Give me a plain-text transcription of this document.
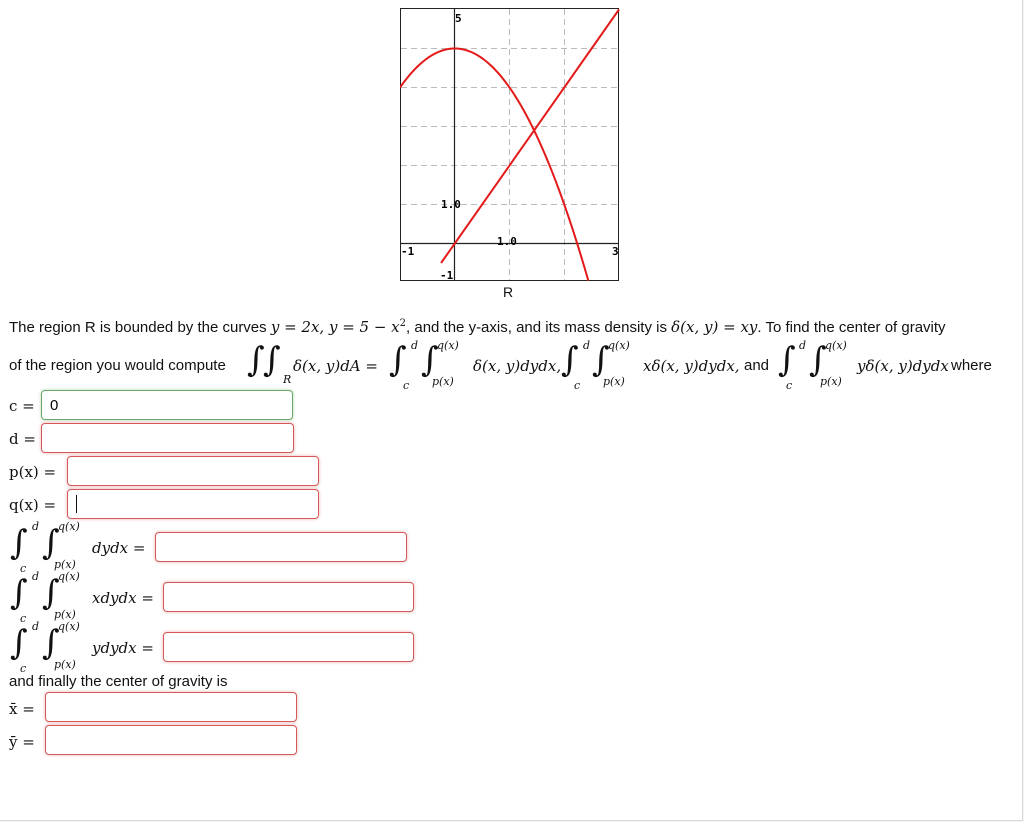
5
1.0
1.0
-1	3
-1
R
The region R is bounded by the curves y = 2x, $y = 5 - x^2$, and the y-axis, and its mass density is δ(x, y) = xy. To find the center of gravity
of the region you would compute ∫
∫ R
δ(x, y)dA = ∫ d
c
∫
q(x)
p(x)
δ(x, y)dydx, ∫ d
c
∫
q(x)
p(x)
xδ(x, y)dydx, and ∫ d
c
∫
q(x)
p(x)
yδ(x, y)dydx where
c =
0
d =
p(x) =
q(x) =
∫ d
c
∫
q(x)
p(x)
dydx =
∫ d
c
∫
q(x)
p(x)
xdydx =
∫ d
c
∫
q(x)
p(x)
ydydx =
and finally the center of gravity is
x̄ =
ȳ =
